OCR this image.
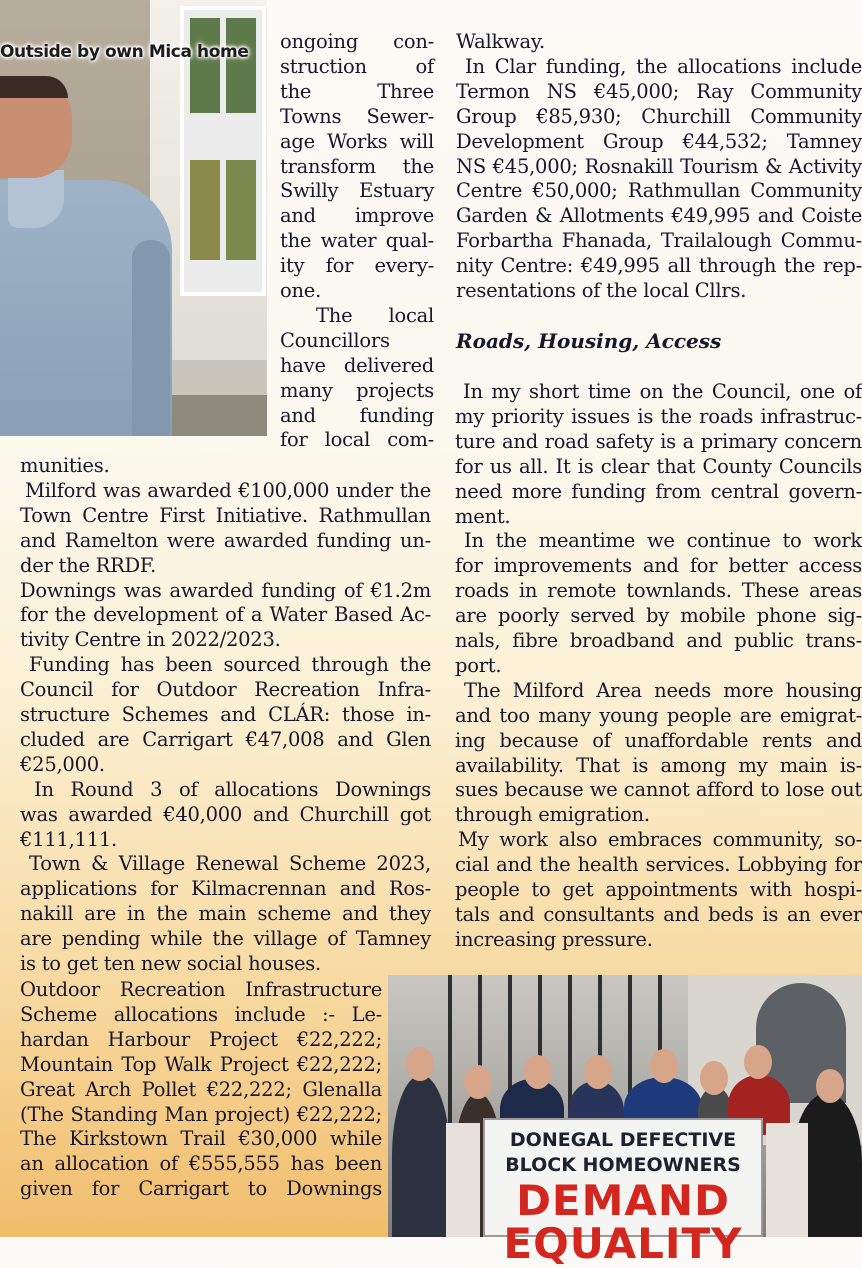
Outside by own Mica home ongoing con-

struction of

the Three

Towns Sewer-

age Works will

transform the

Swilly Estuary

and improve

the water qual-

ity for every-

one.

The local

Councillors

have delivered

many projects

and funding

for local com-

munities.

Milford was awarded €100,000 under the

Town Centre First Initiative. Rathmullan

and Ramelton were awarded funding un-

der the RRDF.

Downings was awarded funding of €1.2m

for the development of a Water Based Ac-

tivity Centre in 2022/2023.

Funding has been sourced through the

Council for Outdoor Recreation Infra-

structure Schemes and CLÁR: those in-

cluded are Carrigart €47,008 and Glen

€25,000.

In Round 3 of allocations Downings

was awarded €40,000 and Churchill got

€111,111.

Town & Village Renewal Scheme 2023,

applications for Kilmacrennan and Ros-

nakill are in the main scheme and they

are pending while the village of Tamney

is to get ten new social houses.

Outdoor Recreation Infrastructure

Scheme allocations include :- Le-

hardan Harbour Project €22,222;

Mountain Top Walk Project €22,222;

Great Arch Pollet €22,222; Glenalla

(The Standing Man project) €22,222;

The Kirkstown Trail €30,000 while

an allocation of €555,555 has been

given for Carrigart to Downings

Walkway.

In Clar funding, the allocations include

Termon NS €45,000; Ray Community

Group €85,930; Churchill Community

Development Group €44,532; Tamney

NS €45,000; Rosnakill Tourism & Activity

Centre €50,000; Rathmullan Community

Garden & Allotments €49,995 and Coiste

Forbartha Fhanada, Trailalough Commu-

nity Centre: €49,995 all through the rep-

resentations of the local Cllrs.

Roads, Housing, Access

In my short time on the Council, one of

my priority issues is the roads infrastruc-

ture and road safety is a primary concern

for us all. It is clear that County Councils

need more funding from central govern-

ment.

In the meantime we continue to work

for improvements and for better access

roads in remote townlands. These areas

are poorly served by mobile phone sig-

nals, fibre broadband and public trans-

port.

The Milford Area needs more housing

and too many young people are emigrat-

ing because of unaffordable rents and

availability. That is among my main is-

sues because we cannot afford to lose out

through emigration.

My work also embraces community, so-

cial and the health services. Lobbying for

people to get appointments with hospi-

tals and consultants and beds is an ever

increasing pressure.

DONEGAL DEFECTIVE
BLOCK HOMEOWNERS
DEMAND
EQUALITY
